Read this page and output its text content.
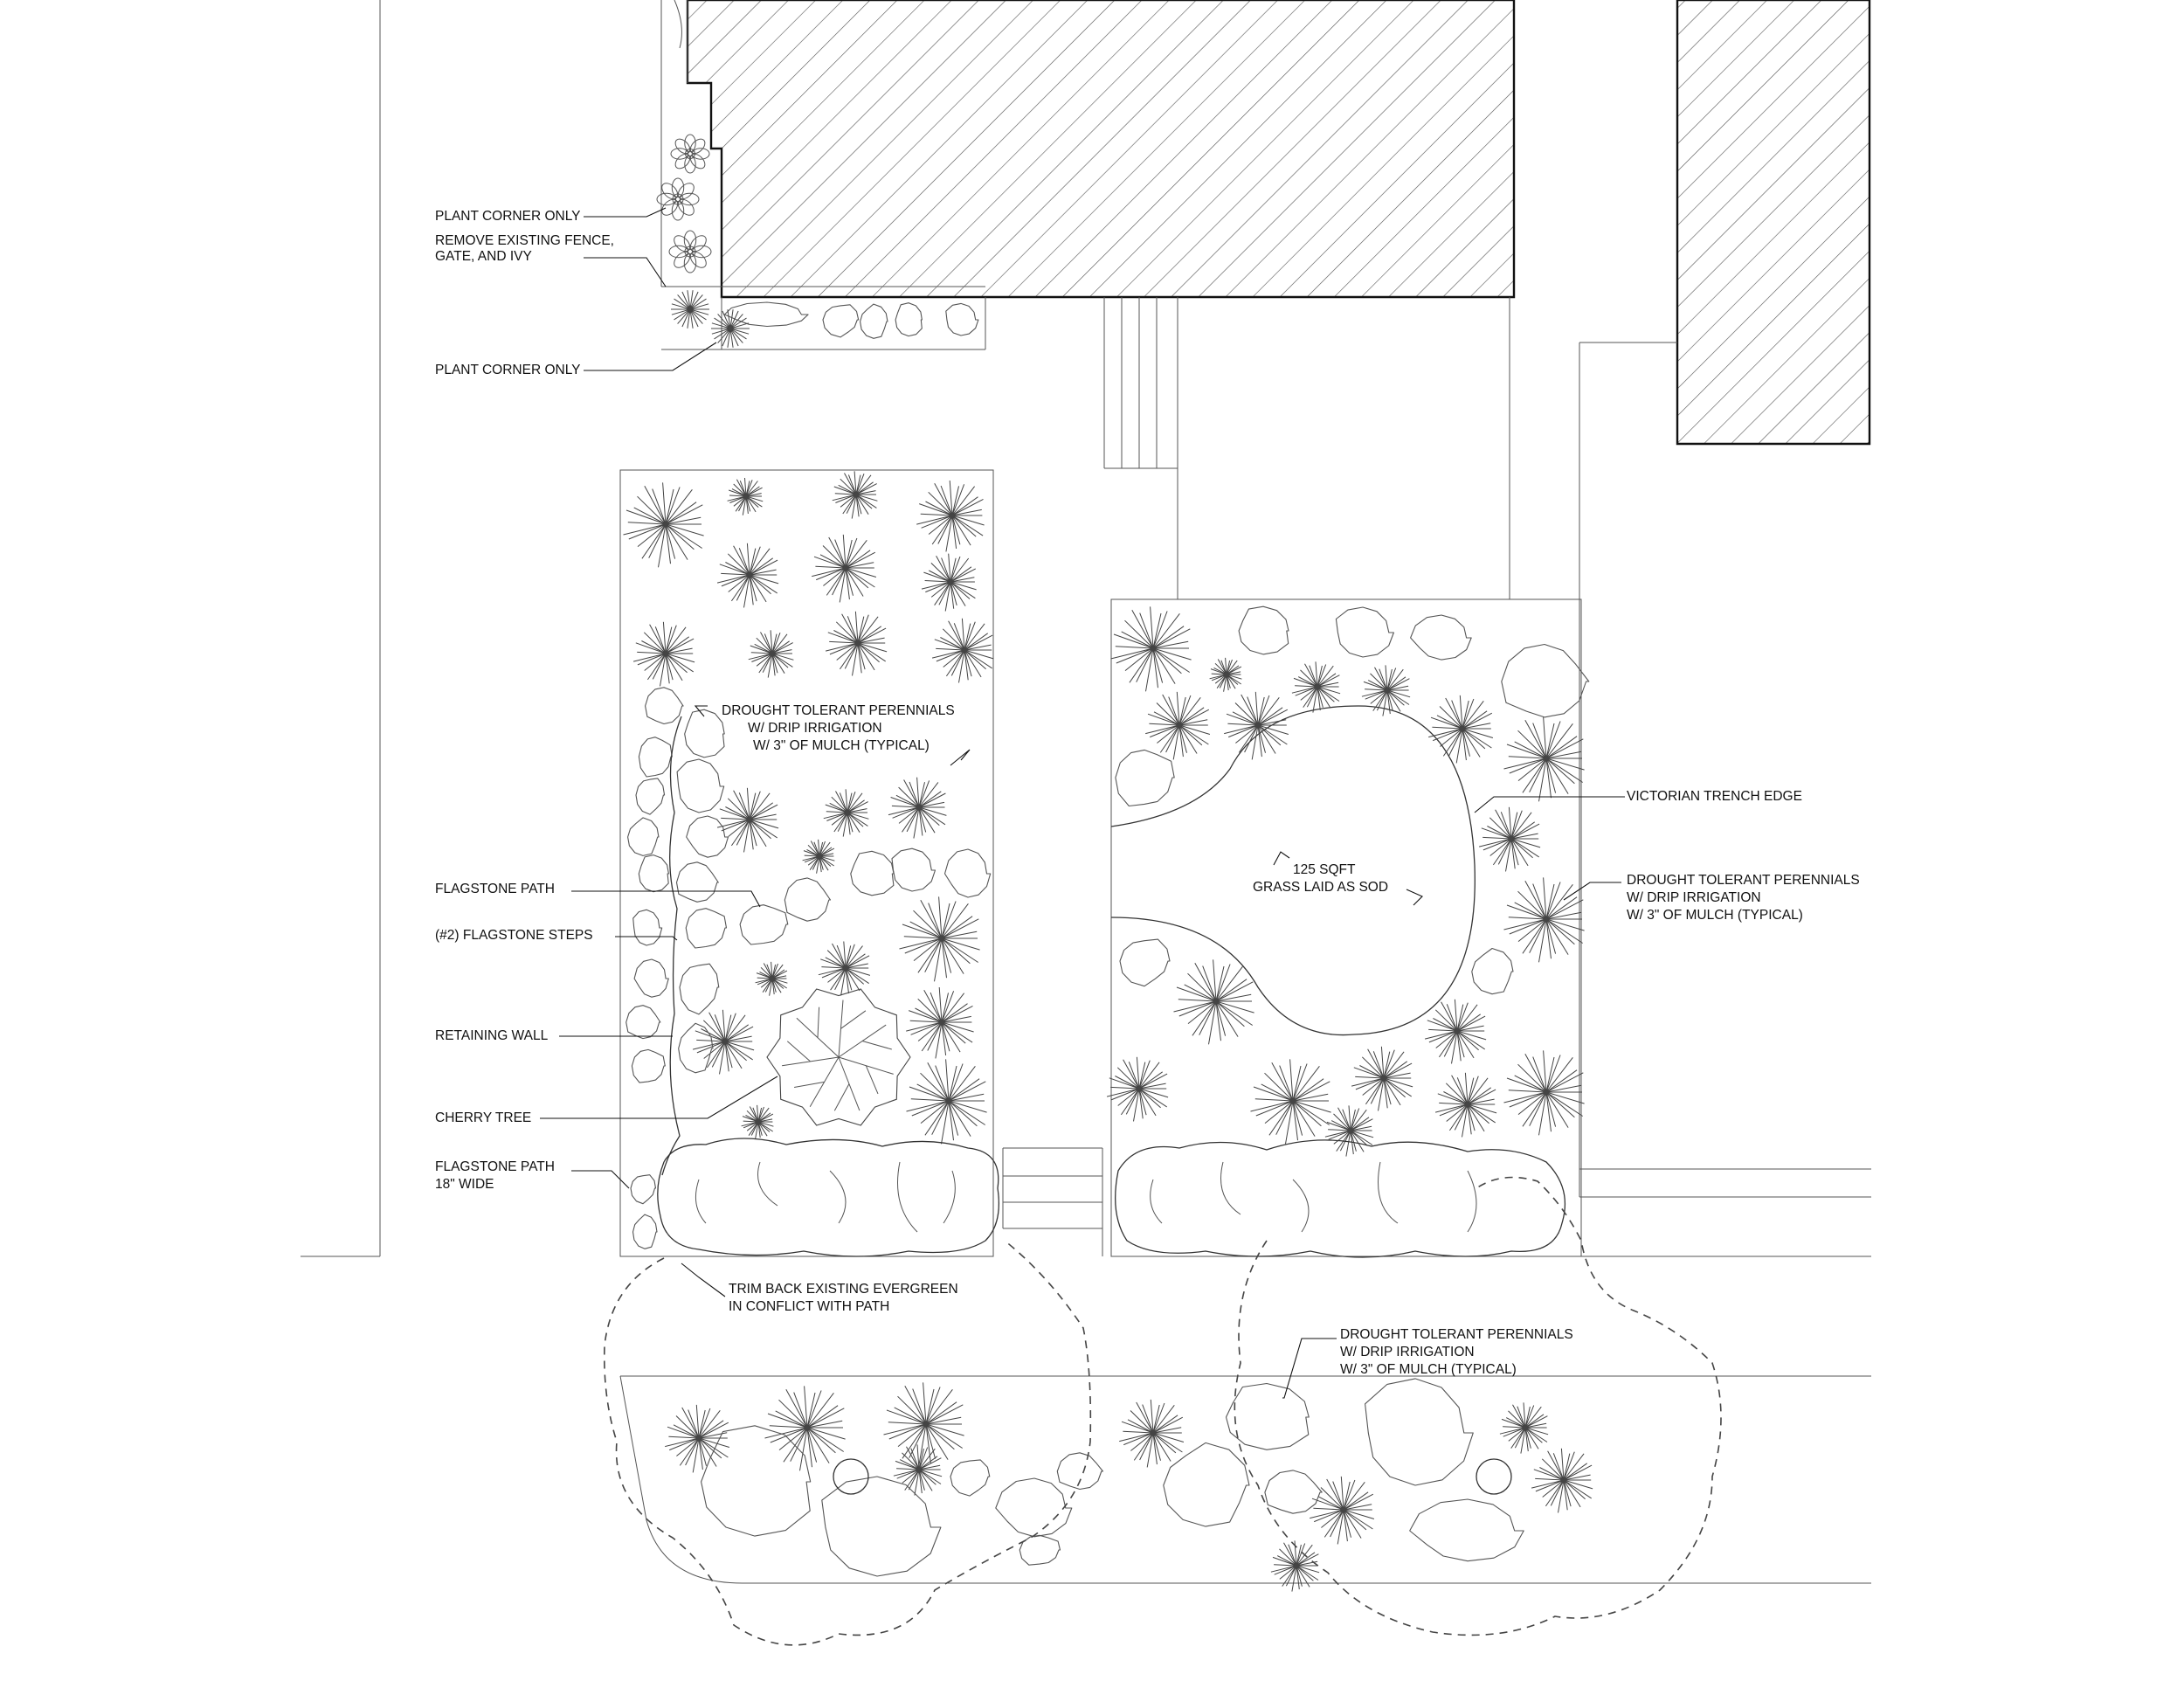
PLANT CORNER ONLY
REMOVE EXISTING FENCE,
GATE, AND IVY
PLANT CORNER ONLY
DROUGHT TOLERANT PERENNIALS
W/ DRIP IRRIGATION
W/ 3" OF MULCH (TYPICAL)
FLAGSTONE PATH
(#2) FLAGSTONE STEPS
RETAINING WALL
CHERRY TREE
FLAGSTONE PATH
18" WIDE
TRIM BACK EXISTING EVERGREEN
IN CONFLICT WITH PATH
VICTORIAN TRENCH EDGE
DROUGHT TOLERANT PERENNIALS
W/ DRIP IRRIGATION
W/ 3" OF MULCH (TYPICAL)
125 SQFT
GRASS LAID AS SOD
DROUGHT TOLERANT PERENNIALS
W/ DRIP IRRIGATION
W/ 3" OF MULCH (TYPICAL)
